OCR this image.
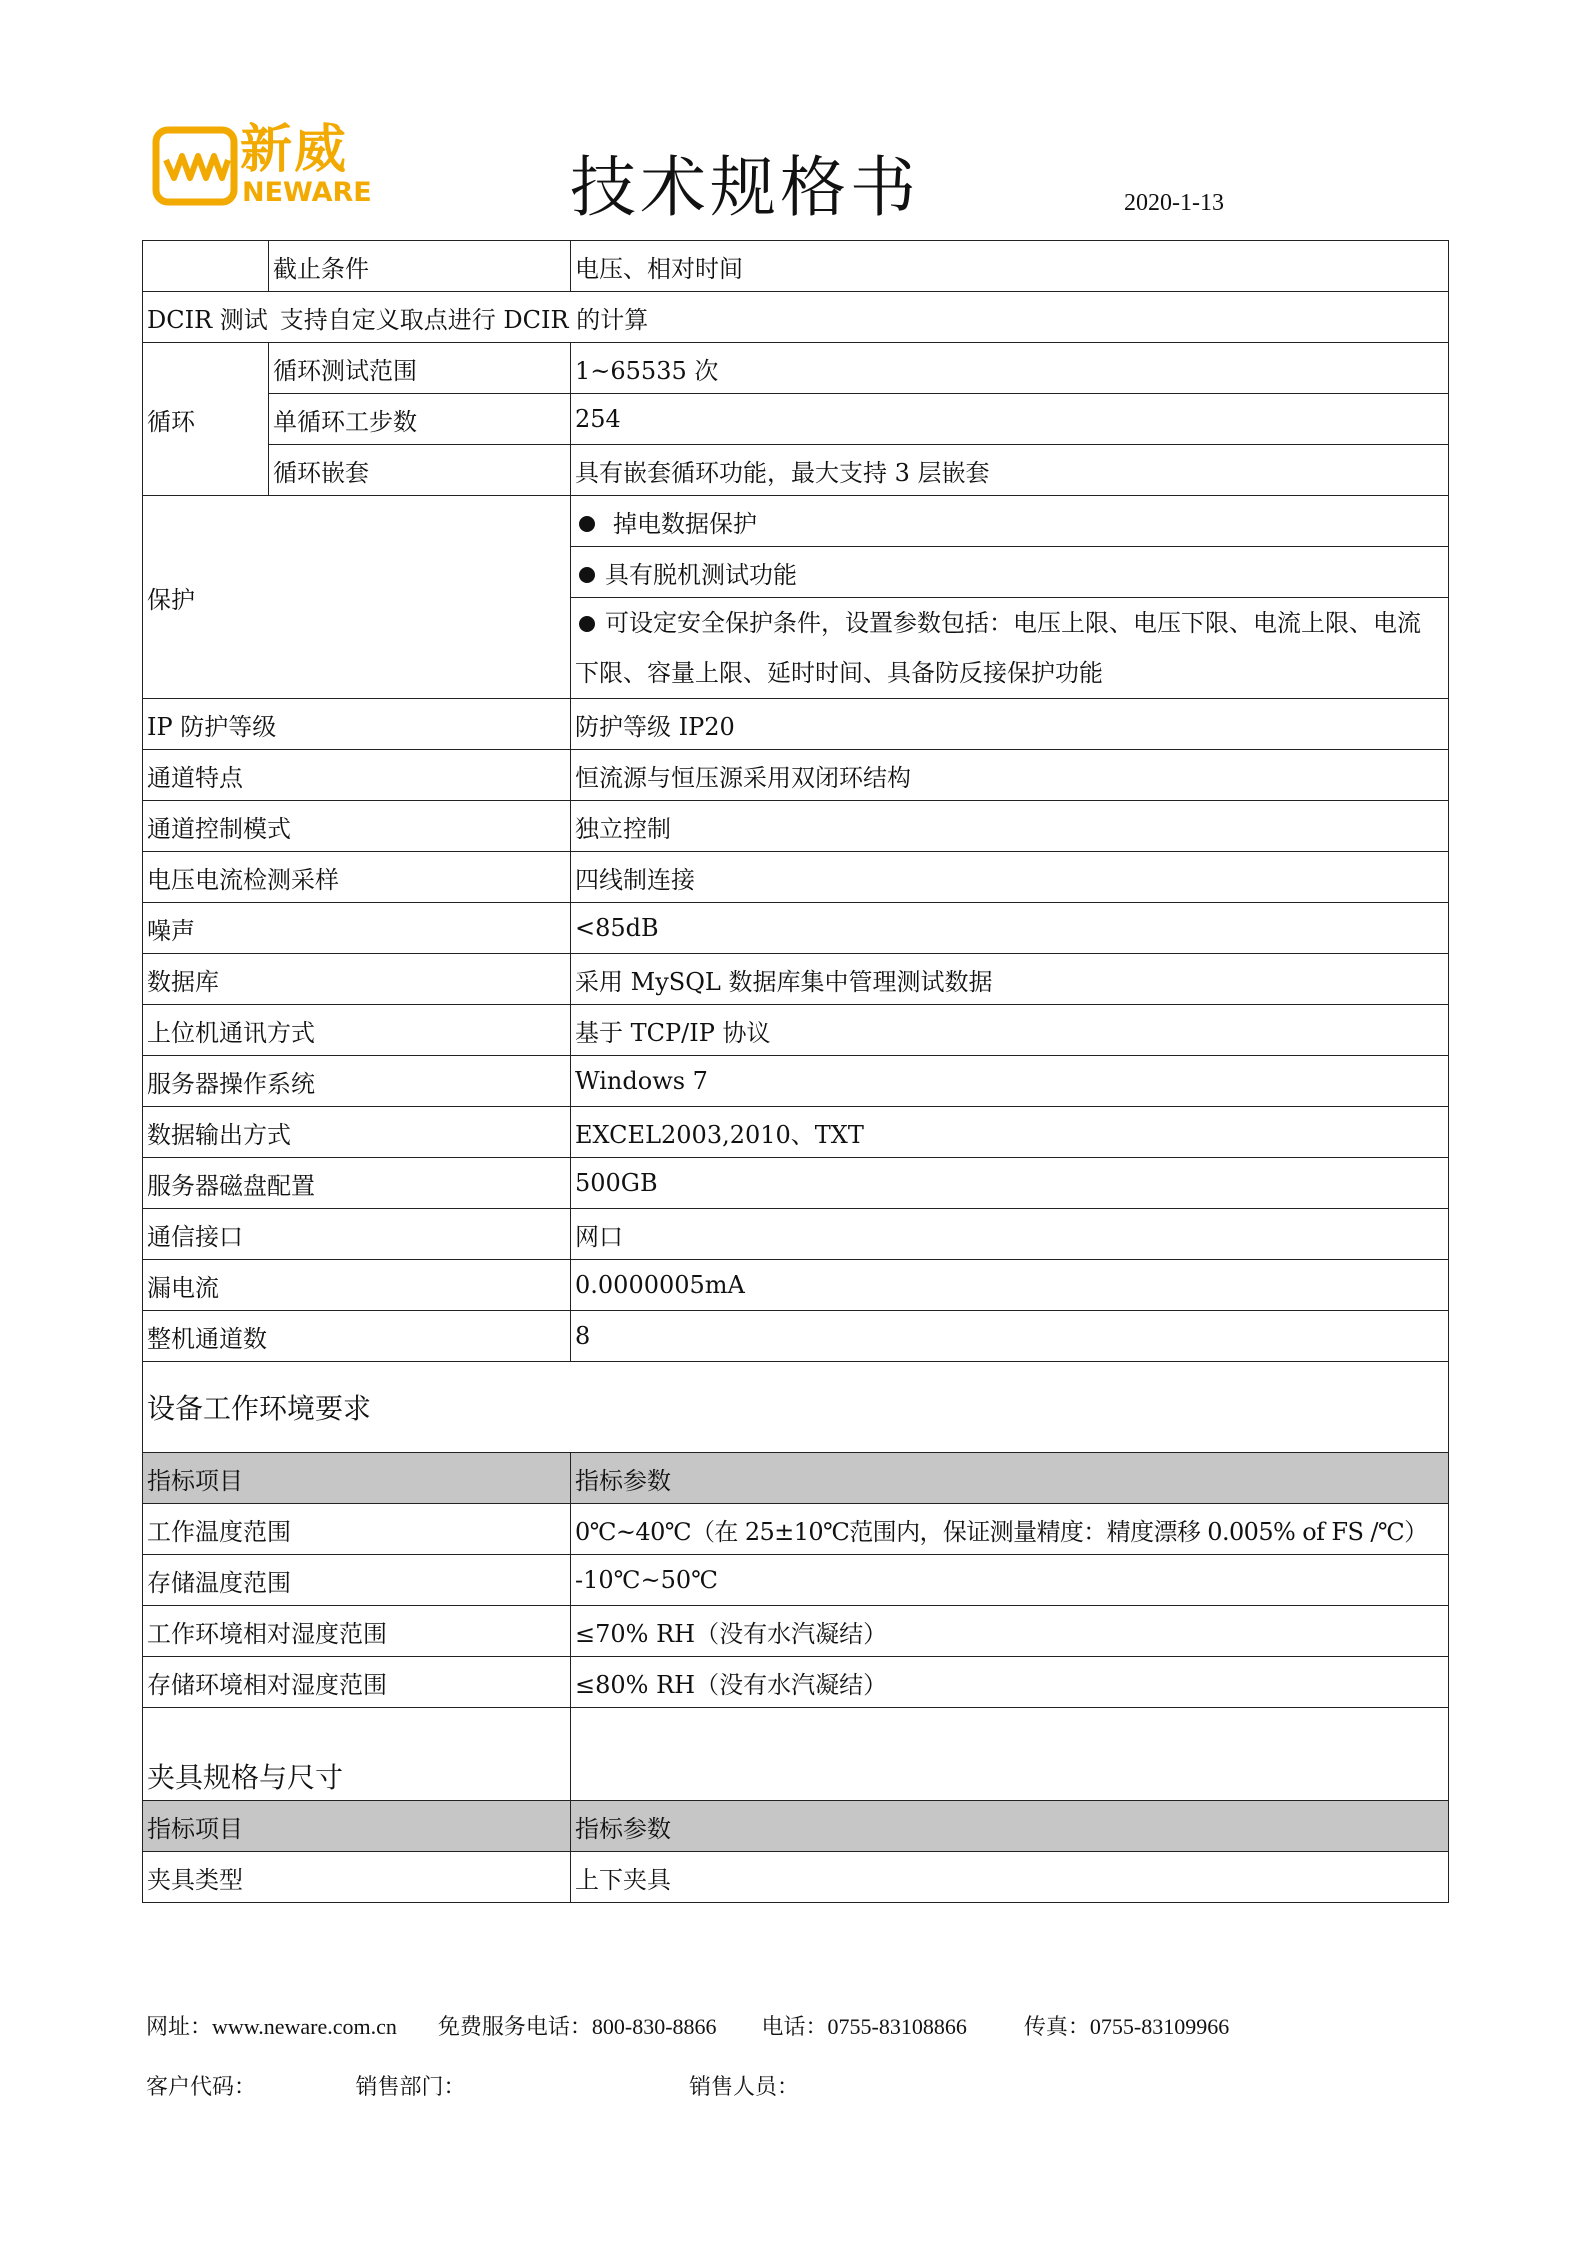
新威
NEWARE	技术规格书	2020-1-13
	截止条件	电压、相对时间
DCIR 测试 支持自定义取点进行 DCIR 的计算		
循环	循环测试范围	1~65535 次
	单循环工步数	254
	循环嵌套	具有嵌套循环功能，最大支持 3 层嵌套
保护		掉电数据保护
		具有脱机测试功能
		可设定安全保护条件，设置参数包括：电压上限、电压下限、电流上限、电流下限、容量上限、延时时间、具备防反接保护功能
IP 防护等级		防护等级 IP20
通道特点		恒流源与恒压源采用双闭环结构
通道控制模式		独立控制
电压电流检测采样		四线制连接
噪声		<85dB
数据库		采用 MySQL 数据库集中管理测试数据
上位机通讯方式		基于 TCP/IP 协议
服务器操作系统		Windows 7
数据输出方式		EXCEL2003,2010、TXT
服务器磁盘配置		500GB
通信接口		网口
漏电流		0.0000005mA
整机通道数		8
设备工作环境要求		
指标项目		指标参数
工作温度范围		0℃~40℃（在 25±10℃范围内，保证测量精度：精度漂移 0.005% of FS /℃）
存储温度范围		-10℃~50℃
工作环境相对湿度范围		≤70% RH（没有水汽凝结）
存储环境相对湿度范围		≤80% RH（没有水汽凝结）
夹具规格与尺寸		
指标项目		指标参数
夹具类型		上下夹具
网址：www.neware.com.cn 免费服务电话：800-830-8866 电话：0755-83108866	传真：0755-83109966
客户代码：	销售部门：	销售人员：
